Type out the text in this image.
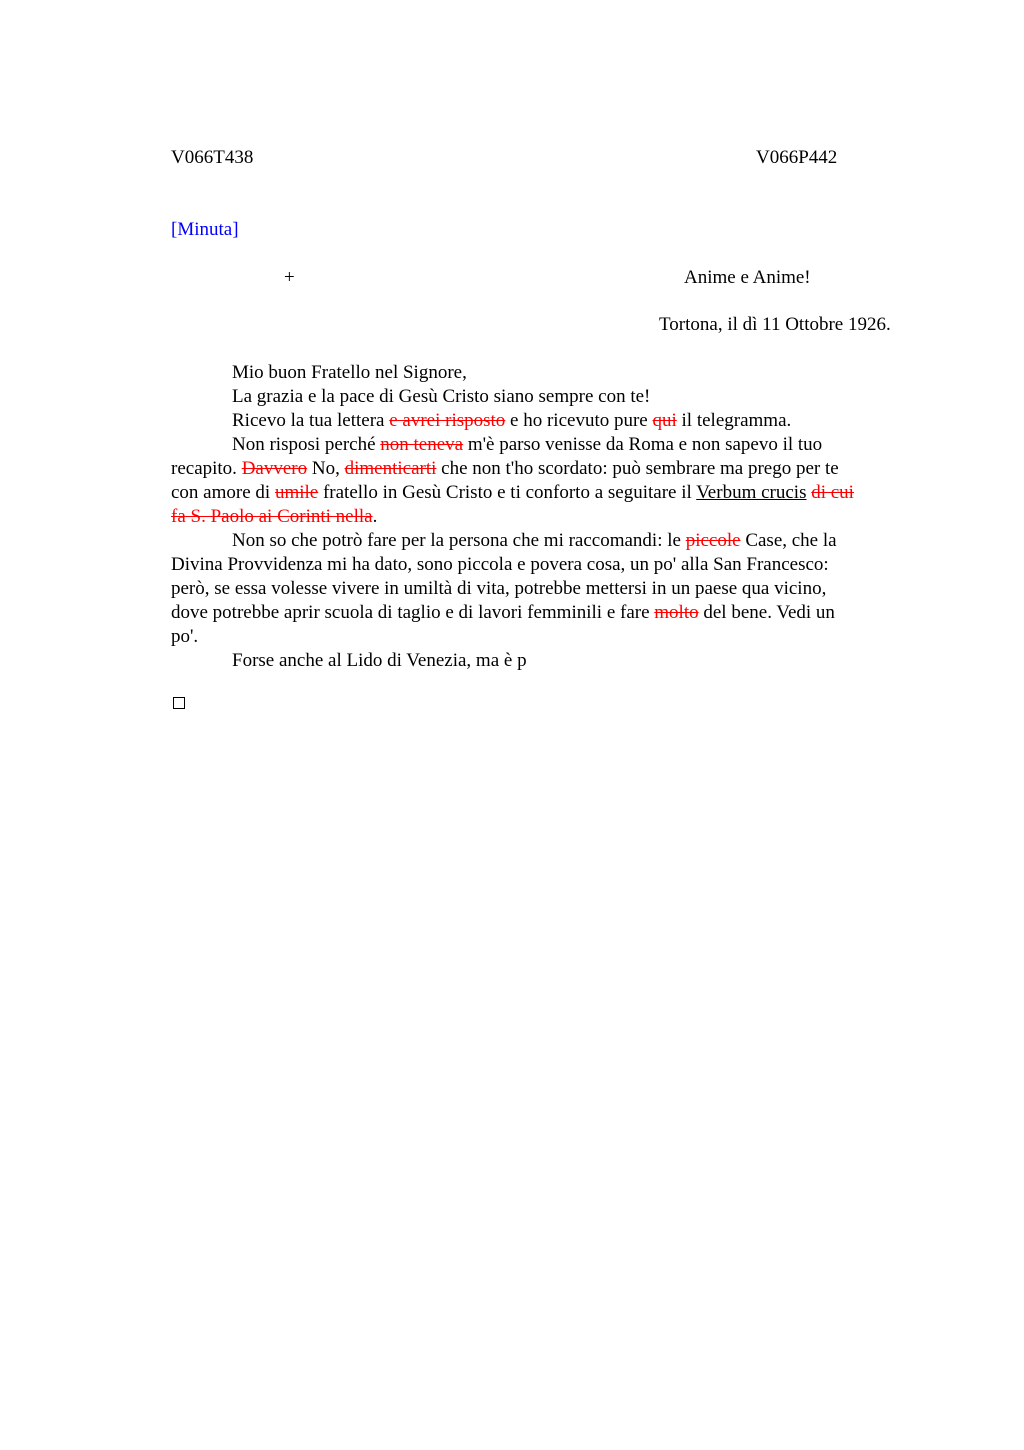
V066T438	V066P442
[Minuta]
+	Anime e Anime!
Tortona, il dì 11 Ottobre 1926.
Mio buon Fratello nel Signore,
La grazia e la pace di Gesù Cristo siano sempre con te!
Ricevo la tua lettera e avrei risposto e ho ricevuto pure qui il telegramma.
Non risposi perché non teneva m'è parso venisse da Roma e non sapevo il tuo
recapito. Davvero No, dimenticarti che non t'ho scordato: può sembrare ma prego per te
con amore di umile fratello in Gesù Cristo e ti conforto a seguitare il Verbum crucis di cui
fa S. Paolo ai Corinti nella.
Non so che potrò fare per la persona che mi raccomandi: le piccole Case, che la
Divina Provvidenza mi ha dato, sono piccola e povera cosa, un po' alla San Francesco:
però, se essa volesse vivere in umiltà di vita, potrebbe mettersi in un paese qua vicino,
dove potrebbe aprir scuola di taglio e di lavori femminili e fare molto del bene. Vedi un
po'.
Forse anche al Lido di Venezia, ma è p
